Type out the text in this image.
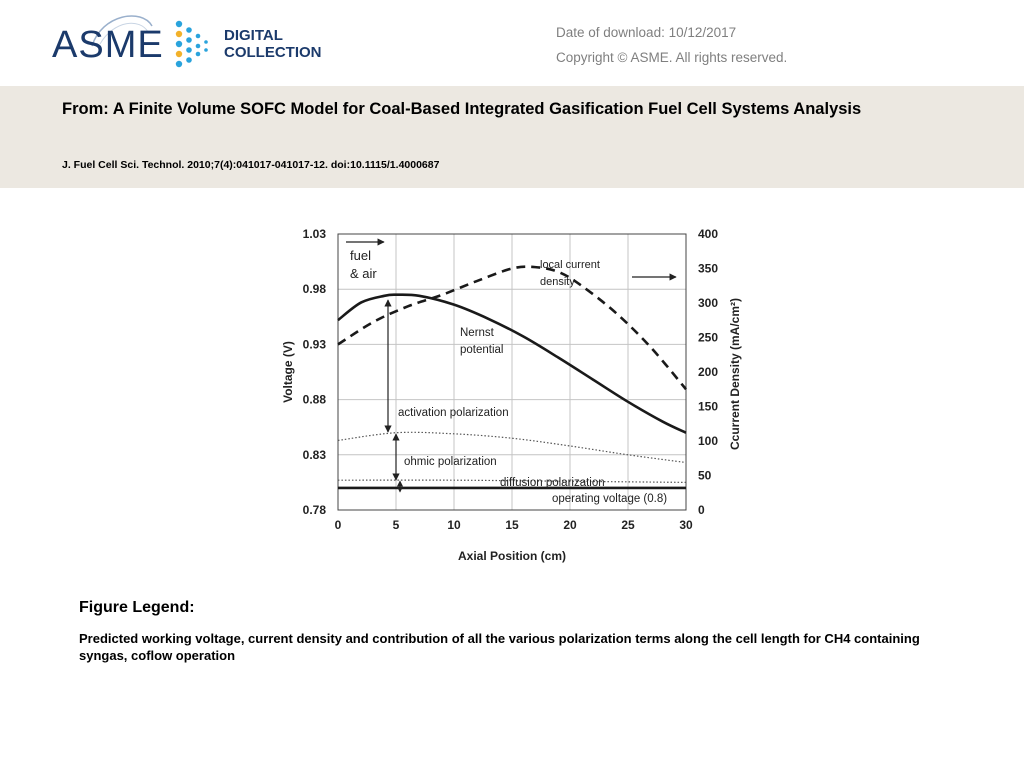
ASME	DIGITAL
COLLECTION
Date of download: 10/12/2017
Copyright © ASME. All rights reserved.
From: A Finite Volume SOFC Model for Coal-Based Integrated Gasification Fuel Cell Systems Analysis
J. Fuel Cell Sci. Technol. 2010;7(4):041017-041017-12. doi:10.1115/1.4000687
0	5	10	15	20	25	30
0.78
0.83
0.88
0.93
0.98
1.03
0
50
100
150
200
250
300
350
400
fuel
& air
local current
density
Nernst
potential
activation polarization
ohmic polarization
diffusion polarization
operating voltage (0.8)
Axial Position (cm)
Voltage (V)	Ccurrent Density (mA/cm²)
Figure Legend:
Predicted working voltage, current density and contribution of all the various polarization terms along the cell length for CH4 containing syngas, coflow operation
